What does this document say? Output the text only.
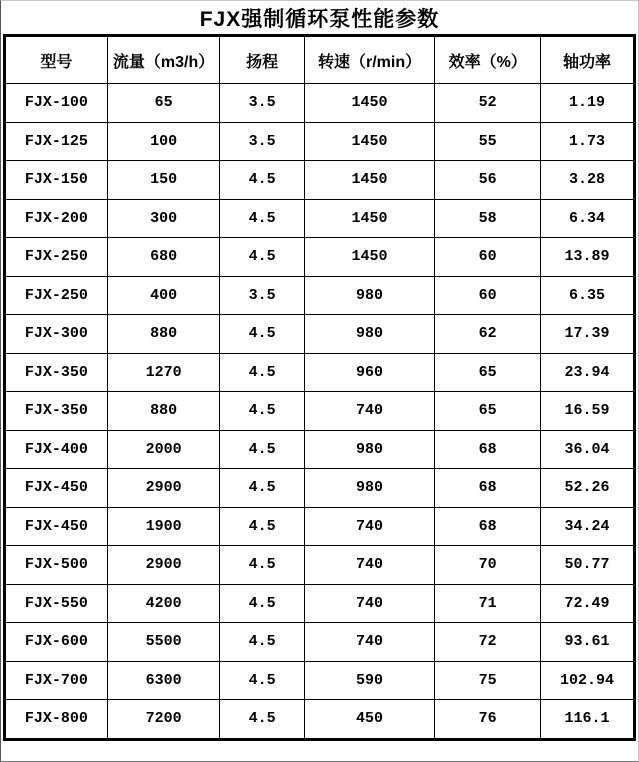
FJX强制循环泵性能参数
型号	流量（m3/h）	扬程	转速（r/min）	效率（%）	轴功率
FJX-100	65	3.5	1450	52	1.19
FJX-125	100	3.5	1450	55	1.73
FJX-150	150	4.5	1450	56	3.28
FJX-200	300	4.5	1450	58	6.34
FJX-250	680	4.5	1450	60	13.89
FJX-250	400	3.5	980	60	6.35
FJX-300	880	4.5	980	62	17.39
FJX-350	1270	4.5	960	65	23.94
FJX-350	880	4.5	740	65	16.59
FJX-400	2000	4.5	980	68	36.04
FJX-450	2900	4.5	980	68	52.26
FJX-450	1900	4.5	740	68	34.24
FJX-500	2900	4.5	740	70	50.77
FJX-550	4200	4.5	740	71	72.49
FJX-600	5500	4.5	740	72	93.61
FJX-700	6300	4.5	590	75	102.94
FJX-800	7200	4.5	450	76	116.1
